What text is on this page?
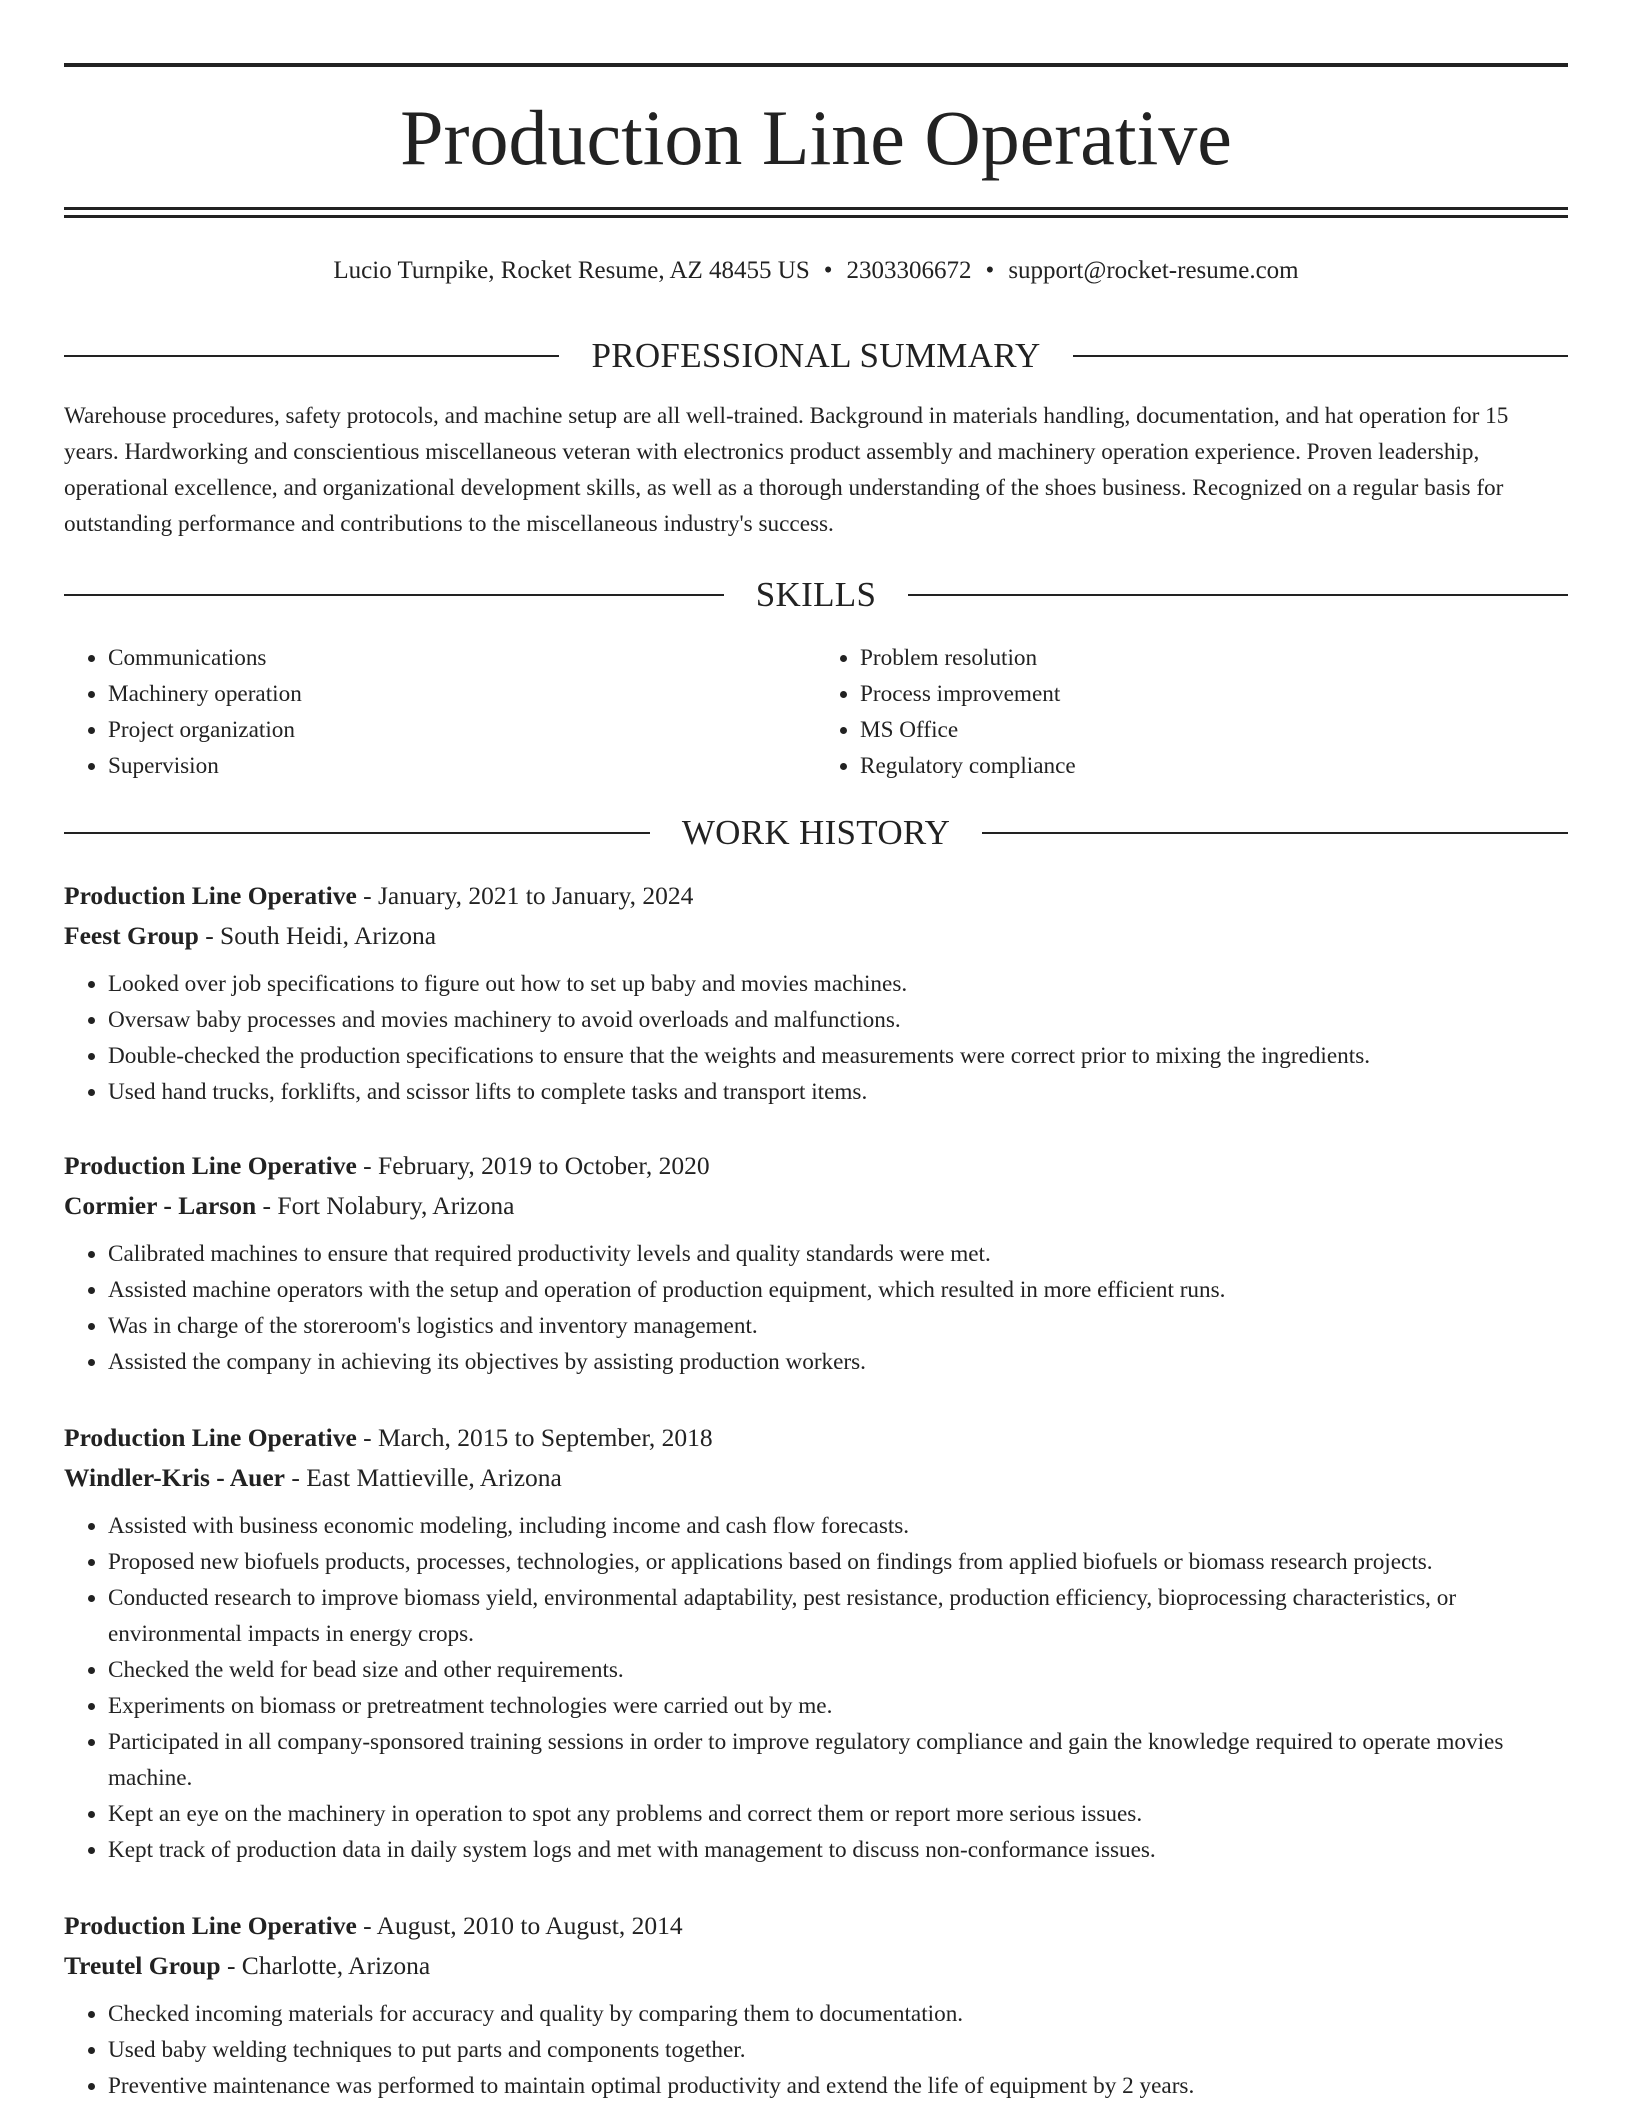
Production Line Operative
Lucio Turnpike, Rocket Resume, AZ 48455 US • 2303306672 • support@rocket-resume.com
PROFESSIONAL SUMMARY

Warehouse procedures, safety protocols, and machine setup are all well-trained. Background in materials handling, documentation, and hat operation for 15 years. Hardworking and conscientious miscellaneous veteran with electronics product assembly and machinery operation experience. Proven leadership, operational excellence, and organizational development skills, as well as a thorough understanding of the shoes business. Recognized on a regular basis for outstanding performance and contributions to the miscellaneous industry's success.

SKILLS
• Communications
• Machinery operation
• Project organization
• Supervision
• Problem resolution
• Process improvement
• MS Office
• Regulatory compliance
WORK HISTORY
Production Line Operative - January, 2021 to January, 2024
Feest Group - South Heidi, Arizona
• Looked over job specifications to figure out how to set up baby and movies machines.
• Oversaw baby processes and movies machinery to avoid overloads and malfunctions.
• Double-checked the production specifications to ensure that the weights and measurements were correct prior to mixing the ingredients.
• Used hand trucks, forklifts, and scissor lifts to complete tasks and transport items.
Production Line Operative - February, 2019 to October, 2020
Cormier - Larson - Fort Nolabury, Arizona
• Calibrated machines to ensure that required productivity levels and quality standards were met.
• Assisted machine operators with the setup and operation of production equipment, which resulted in more efficient runs.
• Was in charge of the storeroom's logistics and inventory management.
• Assisted the company in achieving its objectives by assisting production workers.
Production Line Operative - March, 2015 to September, 2018
Windler-Kris - Auer - East Mattieville, Arizona
• Assisted with business economic modeling, including income and cash flow forecasts.
• Proposed new biofuels products, processes, technologies, or applications based on findings from applied biofuels or biomass research projects.
• Conducted research to improve biomass yield, environmental adaptability, pest resistance, production efficiency, bioprocessing characteristics, or environmental impacts in energy crops.
• Checked the weld for bead size and other requirements.
• Experiments on biomass or pretreatment technologies were carried out by me.
• Participated in all company-sponsored training sessions in order to improve regulatory compliance and gain the knowledge required to operate movies machine.
• Kept an eye on the machinery in operation to spot any problems and correct them or report more serious issues.
• Kept track of production data in daily system logs and met with management to discuss non-conformance issues.
Production Line Operative - August, 2010 to August, 2014
Treutel Group - Charlotte, Arizona
• Checked incoming materials for accuracy and quality by comparing them to documentation.
• Used baby welding techniques to put parts and components together.
• Preventive maintenance was performed to maintain optimal productivity and extend the life of equipment by 2 years.
